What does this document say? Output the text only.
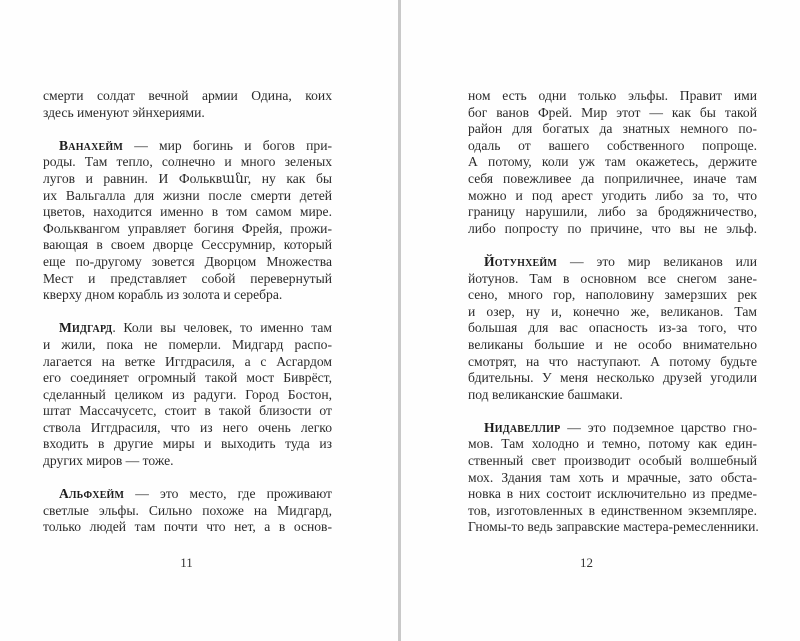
смерти солдат вечной армии Одина, коих
здесь именуют эйнхериями.

Ванахейм — мир богинь и богов при-
роды. Там тепло, солнечно и много зеленых
лугов и равнин. И Фольквանг, ну как бы
их Вальгалла для жизни после смерти детей
цветов, находится именно в том самом мире.
Фольквангом управляет богиня Фрейя, прожи-
вающая в своем дворце Сессрумнир, который
еще по-другому зовется Дворцом Множества
Мест и представляет собой перевернутый
кверху дном корабль из золота и серебра.

Мидгард. Коли вы человек, то именно там
и жили, пока не померли. Мидгард распо-
лагается на ветке Иггдрасиля, а с Асгардом
его соединяет огромный такой мост Биврёст,
сделанный целиком из радуги. Город Бостон,
штат Массачусетс, стоит в такой близости от
ствола Иггдрасиля, что из него очень легко
входить в другие миры и выходить туда из
других миров — тоже.

Альфхейм — это место, где проживают
светлые эльфы. Сильно похоже на Мидгард,
только людей там почти что нет, а в основ-

11

ном есть одни только эльфы. Правит ими
бог ванов Фрей. Мир этот — как бы такой
район для богатых да знатных немного по-
одаль от вашего собственного попроще.
А потому, коли уж там окажетесь, держите
себя повежливее да поприличнее, иначе там
можно и под арест угодить либо за то, что
границу нарушили, либо за бродяжничество,
либо попросту по причине, что вы не эльф.

Йотунхейм — это мир великанов или
йотунов. Там в основном все снегом зане-
сено, много гор, наполовину замерзших рек
и озер, ну и, конечно же, великанов. Там
большая для вас опасность из-за того, что
великаны большие и не особо внимательно
смотрят, на что наступают. А потому будьте
бдительны. У меня несколько друзей угодили
под великанские башмаки.

Нидавеллир — это подземное царство гно-
мов. Там холодно и темно, потому как един-
ственный свет производит особый волшебный
мох. Здания там хоть и мрачные, зато обста-
новка в них состоит исключительно из предме-
тов, изготовленных в единственном экземпляре.
Гномы-то ведь заправские мастера-ремесленники.

12
